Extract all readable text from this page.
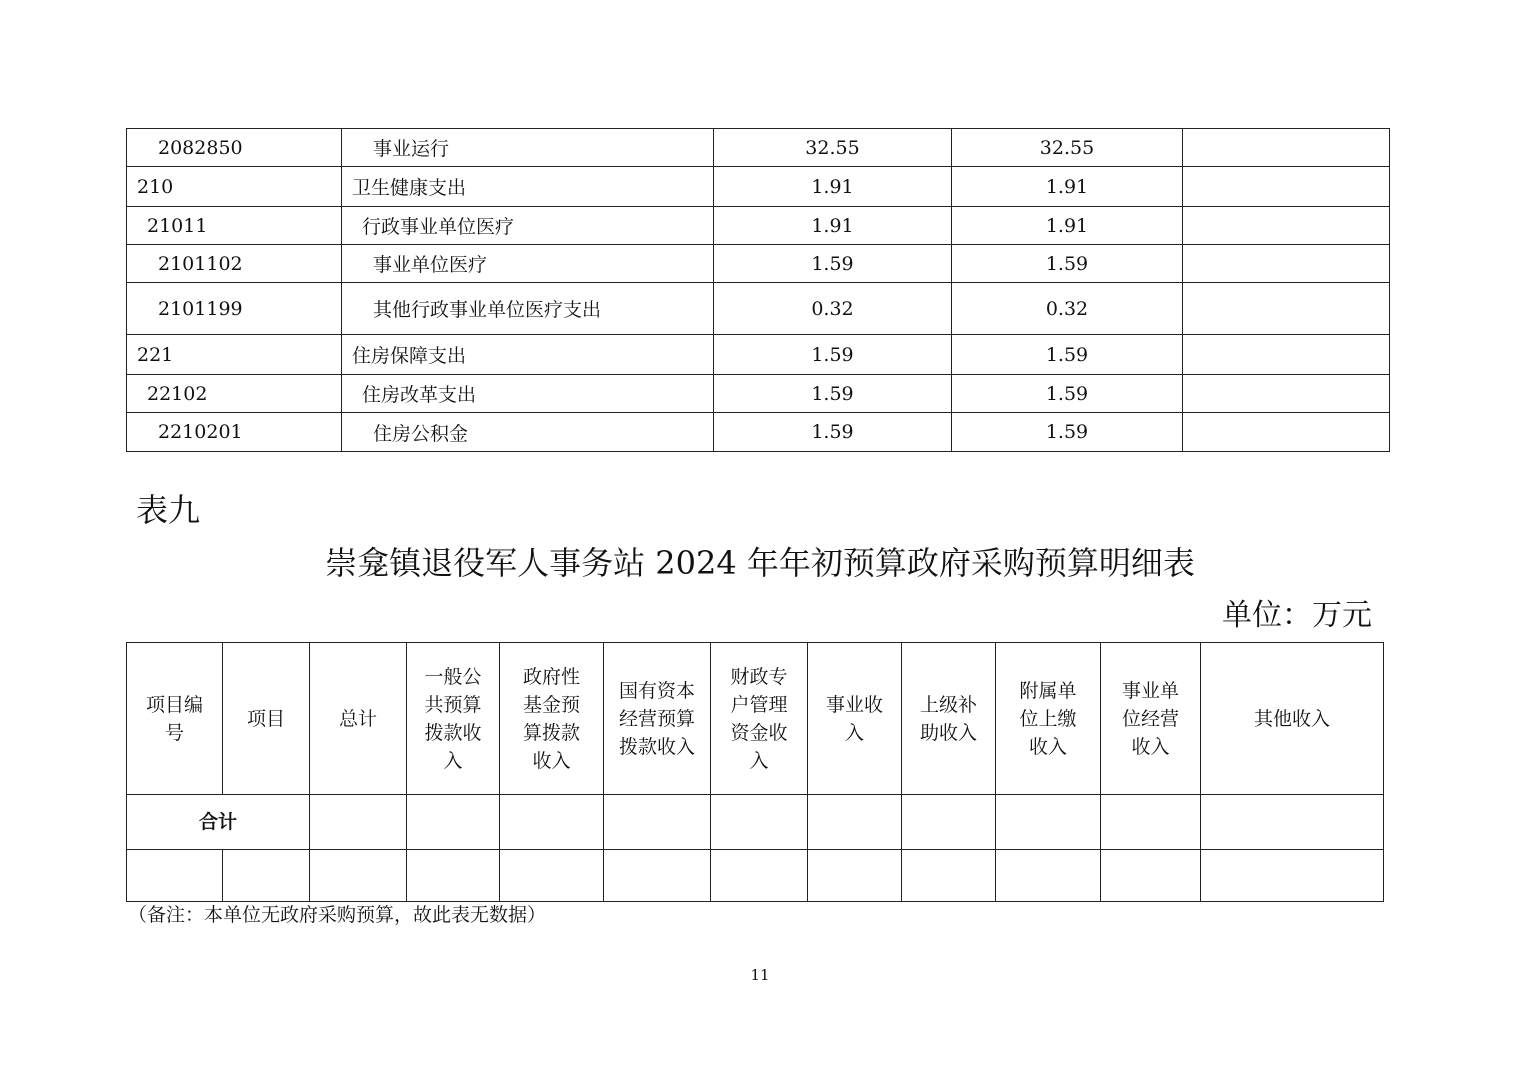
2082850	事业运行	32.55	32.55	
210	卫生健康支出	1.91	1.91	
21011	行政事业单位医疗	1.91	1.91	
2101102	事业单位医疗	1.59	1.59	
2101199	其他行政事业单位医疗支出	0.32	0.32	
221	住房保障支出	1.59	1.59	
22102	住房改革支出	1.59	1.59	
2210201	住房公积金	1.59	1.59	
表九
崇龛镇退役军人事务站 2024 年年初预算政府采购预算明细表
单位：万元
项目编
号	项目	总计	一般公
共预算
拨款收
入	政府性
基金预
算拨款
收入	国有资本
经营预算
拨款收入	财政专
户管理
资金收
入	事业收
入	上级补
助收入	附属单
位上缴
收入	事业单
位经营
收入	其他收入
合计											

（备注：本单位无政府采购预算，故此表无数据）
11
